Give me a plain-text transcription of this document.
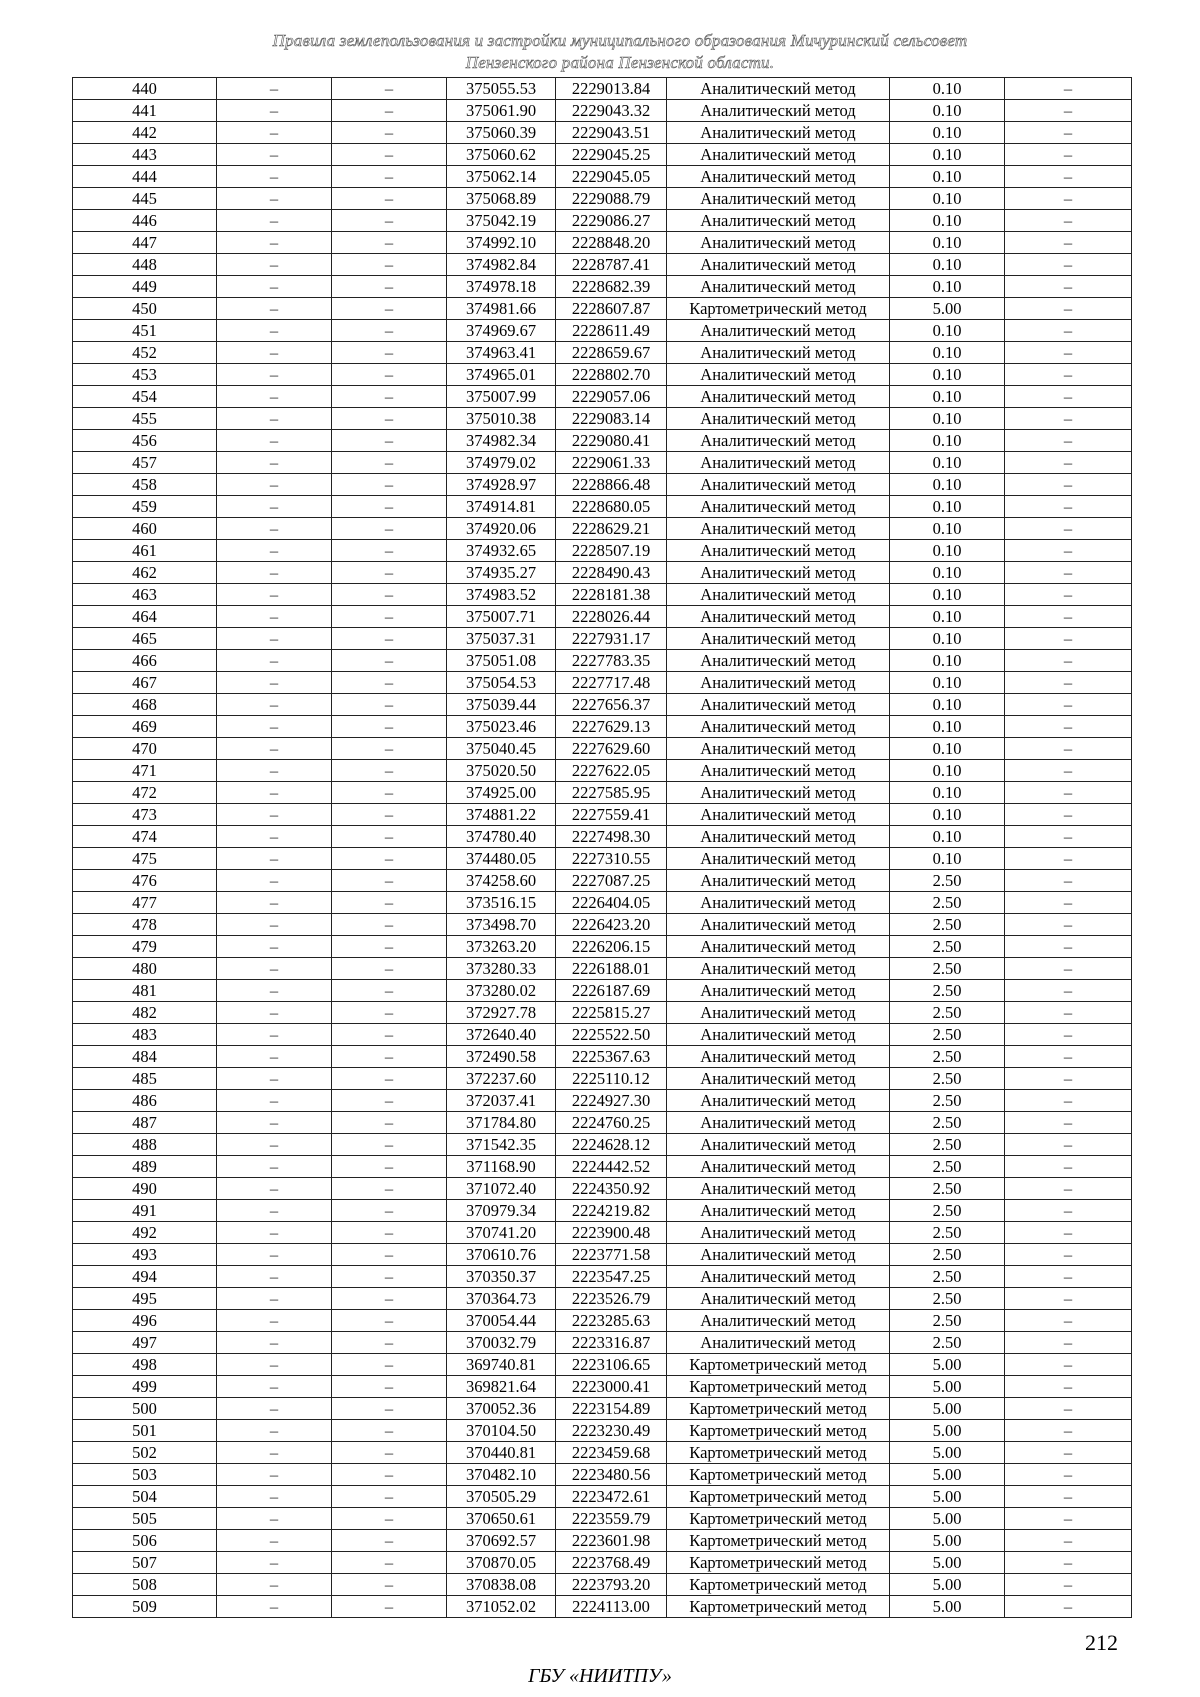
Правила землепользования и застройки муниципального образования Мичуринский сельсовет
Пензенского района Пензенской области.
440	–	–	375055.53	2229013.84	Аналитический метод	0.10	–
441	–	–	375061.90	2229043.32	Аналитический метод	0.10	–
442	–	–	375060.39	2229043.51	Аналитический метод	0.10	–
443	–	–	375060.62	2229045.25	Аналитический метод	0.10	–
444	–	–	375062.14	2229045.05	Аналитический метод	0.10	–
445	–	–	375068.89	2229088.79	Аналитический метод	0.10	–
446	–	–	375042.19	2229086.27	Аналитический метод	0.10	–
447	–	–	374992.10	2228848.20	Аналитический метод	0.10	–
448	–	–	374982.84	2228787.41	Аналитический метод	0.10	–
449	–	–	374978.18	2228682.39	Аналитический метод	0.10	–
450	–	–	374981.66	2228607.87	Картометрический метод	5.00	–
451	–	–	374969.67	2228611.49	Аналитический метод	0.10	–
452	–	–	374963.41	2228659.67	Аналитический метод	0.10	–
453	–	–	374965.01	2228802.70	Аналитический метод	0.10	–
454	–	–	375007.99	2229057.06	Аналитический метод	0.10	–
455	–	–	375010.38	2229083.14	Аналитический метод	0.10	–
456	–	–	374982.34	2229080.41	Аналитический метод	0.10	–
457	–	–	374979.02	2229061.33	Аналитический метод	0.10	–
458	–	–	374928.97	2228866.48	Аналитический метод	0.10	–
459	–	–	374914.81	2228680.05	Аналитический метод	0.10	–
460	–	–	374920.06	2228629.21	Аналитический метод	0.10	–
461	–	–	374932.65	2228507.19	Аналитический метод	0.10	–
462	–	–	374935.27	2228490.43	Аналитический метод	0.10	–
463	–	–	374983.52	2228181.38	Аналитический метод	0.10	–
464	–	–	375007.71	2228026.44	Аналитический метод	0.10	–
465	–	–	375037.31	2227931.17	Аналитический метод	0.10	–
466	–	–	375051.08	2227783.35	Аналитический метод	0.10	–
467	–	–	375054.53	2227717.48	Аналитический метод	0.10	–
468	–	–	375039.44	2227656.37	Аналитический метод	0.10	–
469	–	–	375023.46	2227629.13	Аналитический метод	0.10	–
470	–	–	375040.45	2227629.60	Аналитический метод	0.10	–
471	–	–	375020.50	2227622.05	Аналитический метод	0.10	–
472	–	–	374925.00	2227585.95	Аналитический метод	0.10	–
473	–	–	374881.22	2227559.41	Аналитический метод	0.10	–
474	–	–	374780.40	2227498.30	Аналитический метод	0.10	–
475	–	–	374480.05	2227310.55	Аналитический метод	0.10	–
476	–	–	374258.60	2227087.25	Аналитический метод	2.50	–
477	–	–	373516.15	2226404.05	Аналитический метод	2.50	–
478	–	–	373498.70	2226423.20	Аналитический метод	2.50	–
479	–	–	373263.20	2226206.15	Аналитический метод	2.50	–
480	–	–	373280.33	2226188.01	Аналитический метод	2.50	–
481	–	–	373280.02	2226187.69	Аналитический метод	2.50	–
482	–	–	372927.78	2225815.27	Аналитический метод	2.50	–
483	–	–	372640.40	2225522.50	Аналитический метод	2.50	–
484	–	–	372490.58	2225367.63	Аналитический метод	2.50	–
485	–	–	372237.60	2225110.12	Аналитический метод	2.50	–
486	–	–	372037.41	2224927.30	Аналитический метод	2.50	–
487	–	–	371784.80	2224760.25	Аналитический метод	2.50	–
488	–	–	371542.35	2224628.12	Аналитический метод	2.50	–
489	–	–	371168.90	2224442.52	Аналитический метод	2.50	–
490	–	–	371072.40	2224350.92	Аналитический метод	2.50	–
491	–	–	370979.34	2224219.82	Аналитический метод	2.50	–
492	–	–	370741.20	2223900.48	Аналитический метод	2.50	–
493	–	–	370610.76	2223771.58	Аналитический метод	2.50	–
494	–	–	370350.37	2223547.25	Аналитический метод	2.50	–
495	–	–	370364.73	2223526.79	Аналитический метод	2.50	–
496	–	–	370054.44	2223285.63	Аналитический метод	2.50	–
497	–	–	370032.79	2223316.87	Аналитический метод	2.50	–
498	–	–	369740.81	2223106.65	Картометрический метод	5.00	–
499	–	–	369821.64	2223000.41	Картометрический метод	5.00	–
500	–	–	370052.36	2223154.89	Картометрический метод	5.00	–
501	–	–	370104.50	2223230.49	Картометрический метод	5.00	–
502	–	–	370440.81	2223459.68	Картометрический метод	5.00	–
503	–	–	370482.10	2223480.56	Картометрический метод	5.00	–
504	–	–	370505.29	2223472.61	Картометрический метод	5.00	–
505	–	–	370650.61	2223559.79	Картометрический метод	5.00	–
506	–	–	370692.57	2223601.98	Картометрический метод	5.00	–
507	–	–	370870.05	2223768.49	Картометрический метод	5.00	–
508	–	–	370838.08	2223793.20	Картометрический метод	5.00	–
509	–	–	371052.02	2224113.00	Картометрический метод	5.00	–
212
ГБУ «НИИТПУ»
